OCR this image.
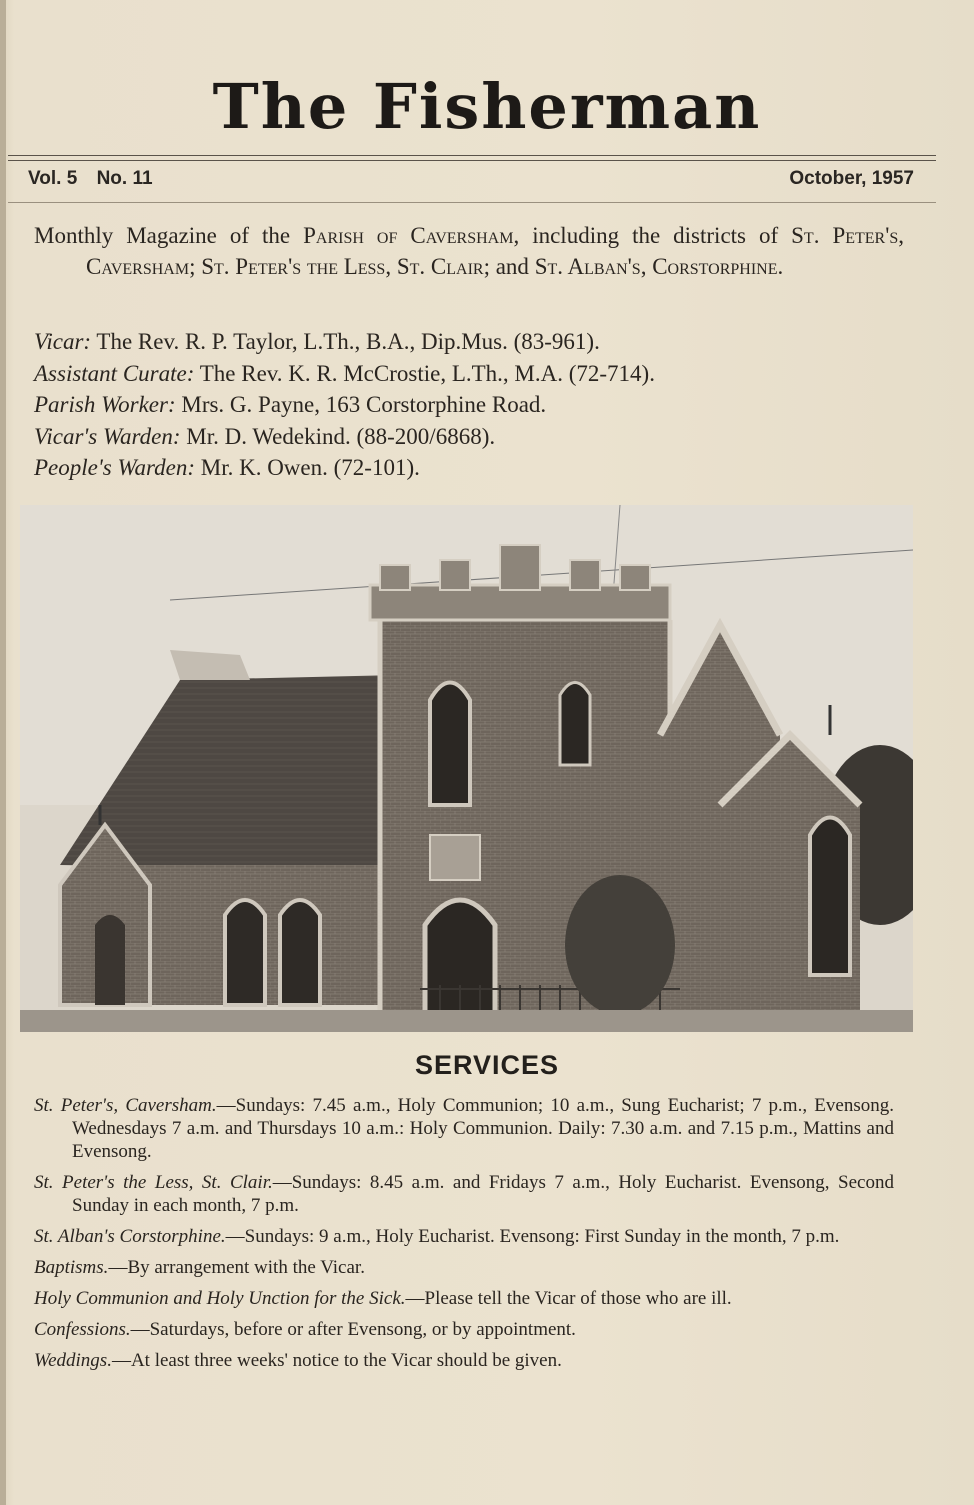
The Fisherman
Vol. 5 No. 11	October, 1957
Monthly Magazine of the Parish of Caversham, including the districts of St. Peter's, Caversham; St. Peter's the Less, St. Clair; and St. Alban's, Corstorphine.
Vicar: The Rev. R. P. Taylor, L.Th., B.A., Dip.Mus. (83-961).
Assistant Curate: The Rev. K. R. McCrostie, L.Th., M.A. (72-714).
Parish Worker: Mrs. G. Payne, 163 Corstorphine Road.
Vicar's Warden: Mr. D. Wedekind. (88-200/6868).
People's Warden: Mr. K. Owen. (72-101).
SERVICES

St. Peter's, Caversham.—Sundays: 7.45 a.m., Holy Communion; 10 a.m., Sung Eucharist; 7 p.m., Evensong. Wednesdays 7 a.m. and Thursdays 10 a.m.: Holy Communion. Daily: 7.30 a.m. and 7.15 p.m., Mattins and Evensong.

St. Peter's the Less, St. Clair.—Sundays: 8.45 a.m. and Fridays 7 a.m., Holy Eucharist. Evensong, Second Sunday in each month, 7 p.m.

St. Alban's Corstorphine.—Sundays: 9 a.m., Holy Eucharist. Evensong: First Sunday in the month, 7 p.m.

Baptisms.—By arrangement with the Vicar.

Holy Communion and Holy Unction for the Sick.—Please tell the Vicar of those who are ill.

Confessions.—Saturdays, before or after Evensong, or by appointment.

Weddings.—At least three weeks' notice to the Vicar should be given.
